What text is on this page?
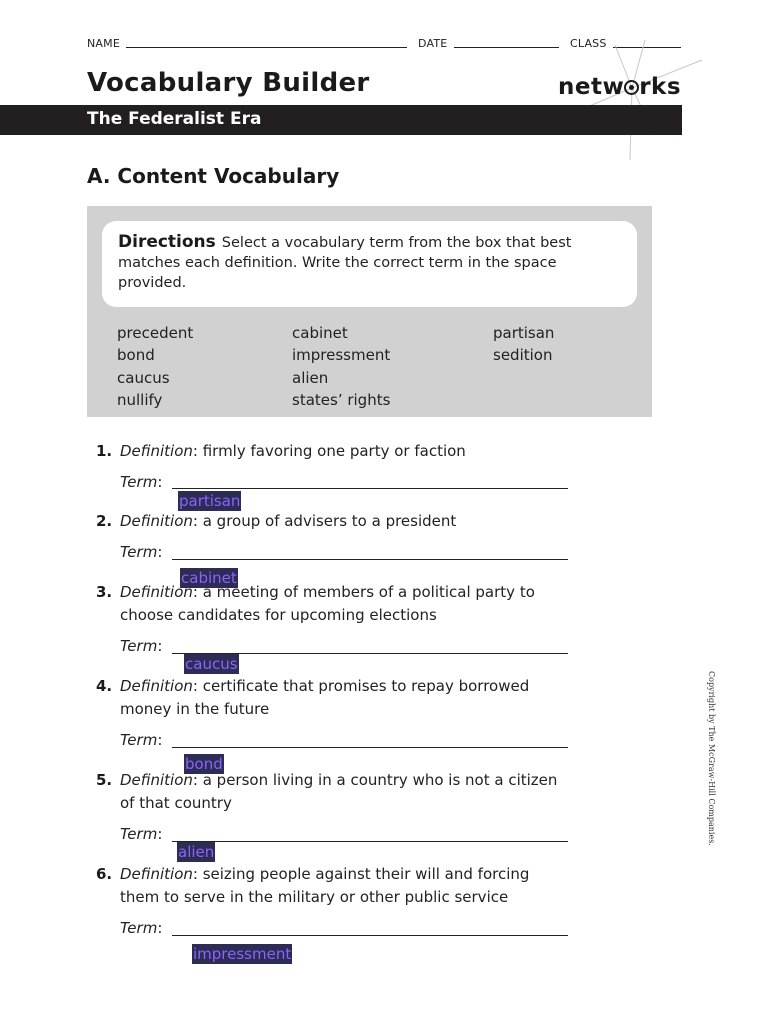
NAME	DATE	CLASS
Vocabulary Builder	netw rks
The Federalist Era
A. Content Vocabulary
Directions Select a vocabulary term from the box that best matches each definition. Write the correct term in the space provided.
precedent
bond
caucus
nullify
cabinet
impressment
alien
states’ rights
partisan
sedition
1. Definition: firmly favoring one party or faction
Term:
partisan
2. Definition: a group of advisers to a president
Term:
cabinet
3. Definition: a meeting of members of a political party to choose candidates for upcoming elections
Term:
caucus
4. Definition: certificate that promises to repay borrowed money in the future
Term:
bond
5. Definition: a person living in a country who is not a citizen of that country
Term:
alien
6. Definition: seizing people against their will and forcing them to serve in the military or other public service
Term:
impressment
Copyright by The McGraw-Hill Companies.
